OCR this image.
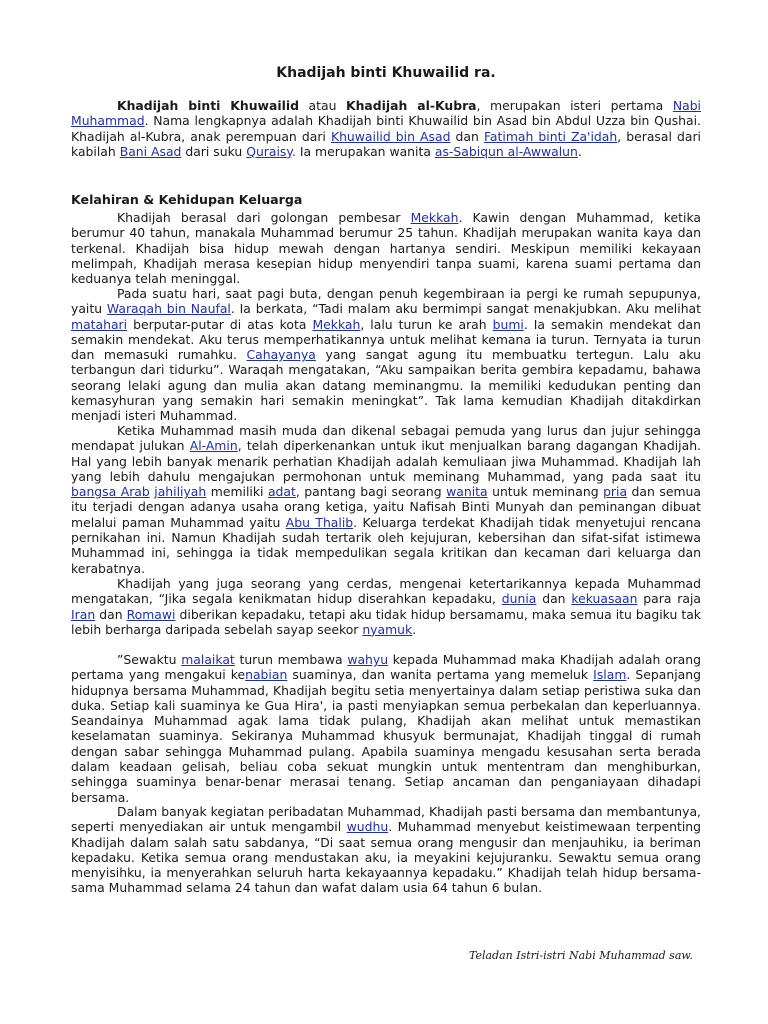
Khadijah binti Khuwailid ra.

Khadijah binti Khuwailid atau Khadijah al-Kubra, merupakan isteri pertama Nabi Muhammad. Nama lengkapnya adalah Khadijah binti Khuwailid bin Asad bin Abdul Uzza bin Qushai. Khadijah al-Kubra, anak perempuan dari Khuwailid bin Asad dan Fatimah binti Za'idah, berasal dari kabilah Bani Asad dari suku Quraisy. Ia merupakan wanita as-Sabiqun al-Awwalun.

Kelahiran & Kehidupan Keluarga

Khadijah berasal dari golongan pembesar Mekkah. Kawin dengan Muhammad, ketika berumur 40 tahun, manakala Muhammad berumur 25 tahun. Khadijah merupakan wanita kaya dan terkenal. Khadijah bisa hidup mewah dengan hartanya sendiri. Meskipun memiliki kekayaan melimpah, Khadijah merasa kesepian hidup menyendiri tanpa suami, karena suami pertama dan keduanya telah meninggal.

Pada suatu hari, saat pagi buta, dengan penuh kegembiraan ia pergi ke rumah sepupunya, yaitu Waraqah bin Naufal. Ia berkata, “Tadi malam aku bermimpi sangat menakjubkan. Aku melihat matahari berputar-putar di atas kota Mekkah, lalu turun ke arah bumi. Ia semakin mendekat dan semakin mendekat. Aku terus memperhatikannya untuk melihat kemana ia turun. Ternyata ia turun dan memasuki rumahku. Cahayanya yang sangat agung itu membuatku tertegun. Lalu aku terbangun dari tidurku”. Waraqah mengatakan, “Aku sampaikan berita gembira kepadamu, bahawa seorang lelaki agung dan mulia akan datang meminangmu. Ia memiliki kedudukan penting dan kemasyhuran yang semakin hari semakin meningkat”. Tak lama kemudian Khadijah ditakdirkan menjadi isteri Muhammad.

Ketika Muhammad masih muda dan dikenal sebagai pemuda yang lurus dan jujur sehingga mendapat julukan Al-Amin, telah diperkenankan untuk ikut menjualkan barang dagangan Khadijah. Hal yang lebih banyak menarik perhatian Khadijah adalah kemuliaan jiwa Muhammad. Khadijah lah yang lebih dahulu mengajukan permohonan untuk meminang Muhammad, yang pada saat itu bangsa Arab jahiliyah memiliki adat, pantang bagi seorang wanita untuk meminang pria dan semua itu terjadi dengan adanya usaha orang ketiga, yaitu Nafisah Binti Munyah dan peminangan dibuat melalui paman Muhammad yaitu Abu Thalib. Keluarga terdekat Khadijah tidak menyetujui rencana pernikahan ini. Namun Khadijah sudah tertarik oleh kejujuran, kebersihan dan sifat-sifat istimewa Muhammad ini, sehingga ia tidak mempedulikan segala kritikan dan kecaman dari keluarga dan kerabatnya.

Khadijah yang juga seorang yang cerdas, mengenai ketertarikannya kepada Muhammad mengatakan, “Jika segala kenikmatan hidup diserahkan kepadaku, dunia dan kekuasaan para raja Iran dan Romawi diberikan kepadaku, tetapi aku tidak hidup bersamamu, maka semua itu bagiku tak lebih berharga daripada sebelah sayap seekor nyamuk.

”Sewaktu malaikat turun membawa wahyu kepada Muhammad maka Khadijah adalah orang pertama yang mengakui kenabian suaminya, dan wanita pertama yang memeluk Islam. Sepanjang hidupnya bersama Muhammad, Khadijah begitu setia menyertainya dalam setiap peristiwa suka dan duka. Setiap kali suaminya ke Gua Hira', ia pasti menyiapkan semua perbekalan dan keperluannya. Seandainya Muhammad agak lama tidak pulang, Khadijah akan melihat untuk memastikan keselamatan suaminya. Sekiranya Muhammad khusyuk bermunajat, Khadijah tinggal di rumah dengan sabar sehingga Muhammad pulang. Apabila suaminya mengadu kesusahan serta berada dalam keadaan gelisah, beliau coba sekuat mungkin untuk mententram dan menghiburkan, sehingga suaminya benar-benar merasai tenang. Setiap ancaman dan penganiayaan dihadapi bersama.

Dalam banyak kegiatan peribadatan Muhammad, Khadijah pasti bersama dan membantunya, seperti menyediakan air untuk mengambil wudhu. Muhammad menyebut keistimewaan terpenting Khadijah dalam salah satu sabdanya, “Di saat semua orang mengusir dan menjauhiku, ia beriman kepadaku. Ketika semua orang mendustakan aku, ia meyakini kejujuranku. Sewaktu semua orang menyisihku, ia menyerahkan seluruh harta kekayaannya kepadaku.” Khadijah telah hidup bersama-sama Muhammad selama 24 tahun dan wafat dalam usia 64 tahun 6 bulan.

Teladan Istri-istri Nabi Muhammad saw.
